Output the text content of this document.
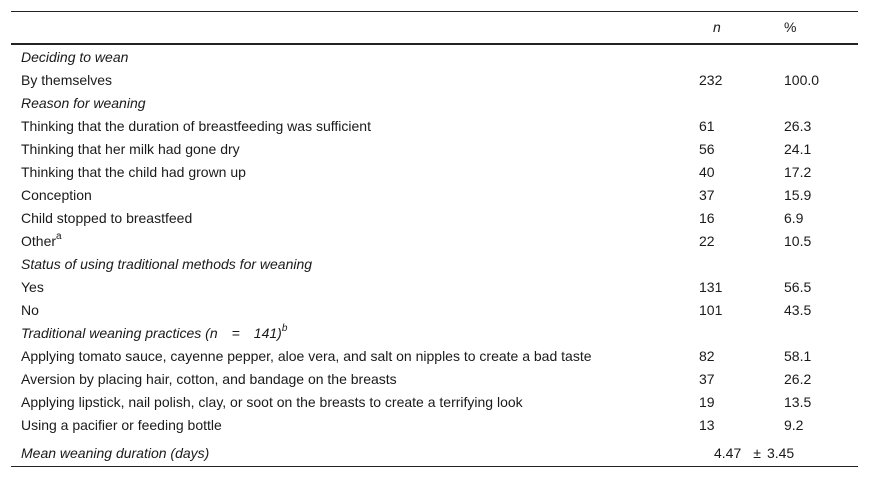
n	%
Deciding to wean
By themselves	232	100.0
Reason for weaning
Thinking that the duration of breastfeeding was sufficient	61	26.3
Thinking that her milk had gone dry	56	24.1
Thinking that the child had grown up	40	17.2
Conception	37	15.9
Child stopped to breastfeed	16	6.9
Other$^a$	22	10.5
Status of using traditional methods for weaning
Yes	131	56.5
No	101	43.5
Traditional weaning practices (n = 141)$^b$
Applying tomato sauce, cayenne pepper, aloe vera, and salt on nipples to create a bad taste	82	58.1
Aversion by placing hair, cotton, and bandage on the breasts	37	26.2
Applying lipstick, nail polish, clay, or soot on the breasts to create a terrifying look	19	13.5
Using a pacifier or feeding bottle	13	9.2
Mean weaning duration (days)	4.47 ± 3.45
